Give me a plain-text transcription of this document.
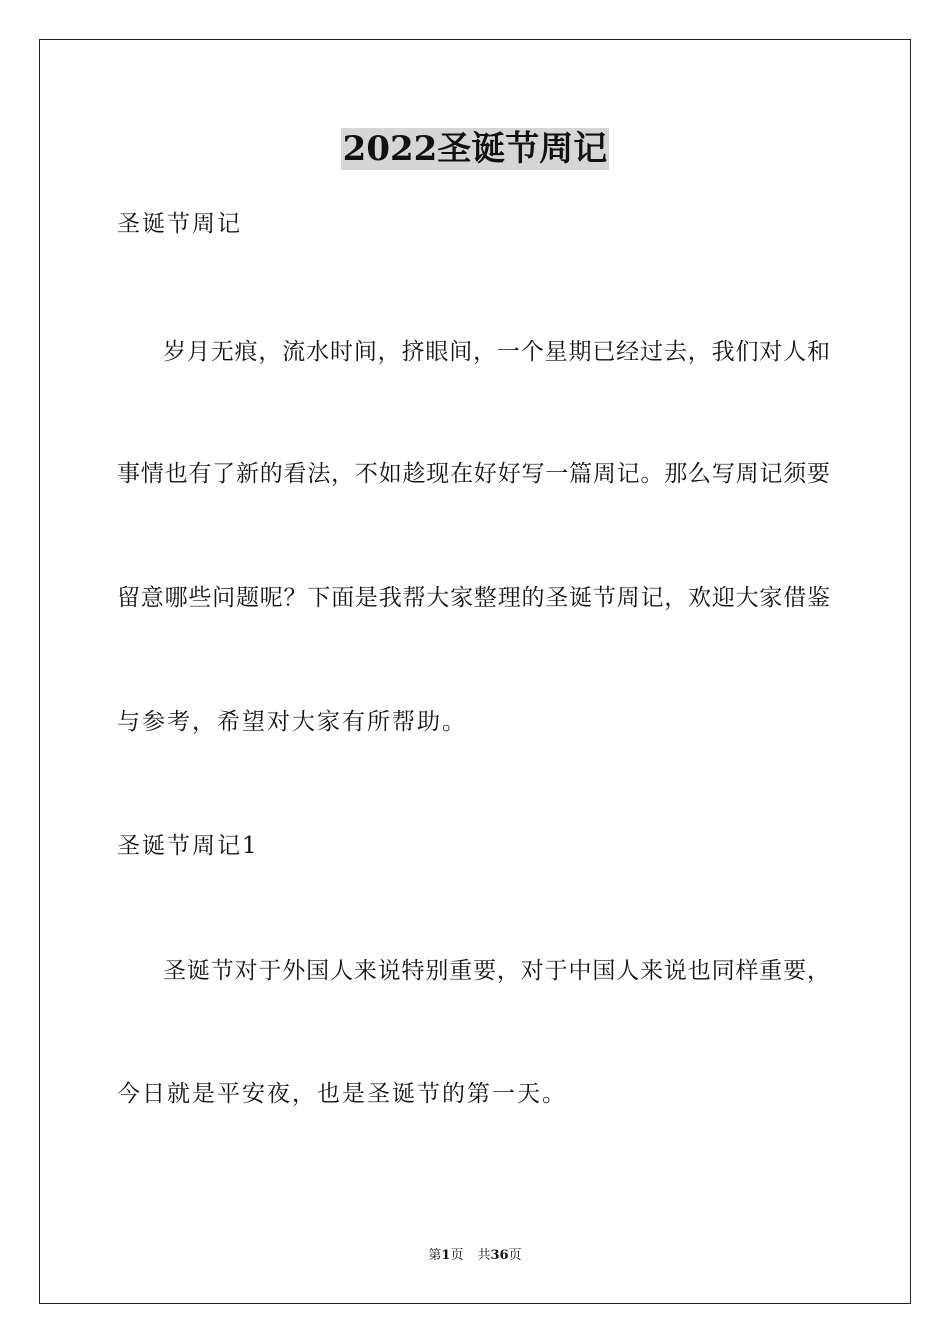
2022圣诞节周记
圣诞节周记
岁月无痕，流水时间，挤眼间，一个星期已经过去，我们对人和
事情也有了新的看法，不如趁现在好好写一篇周记。那么写周记须要
留意哪些问题呢？下面是我帮大家整理的圣诞节周记，欢迎大家借鉴
与参考，希望对大家有所帮助。
圣诞节周记1
圣诞节对于外国人来说特别重要，对于中国人来说也同样重要，
今日就是平安夜，也是圣诞节的第一天。
第1页 共36页
